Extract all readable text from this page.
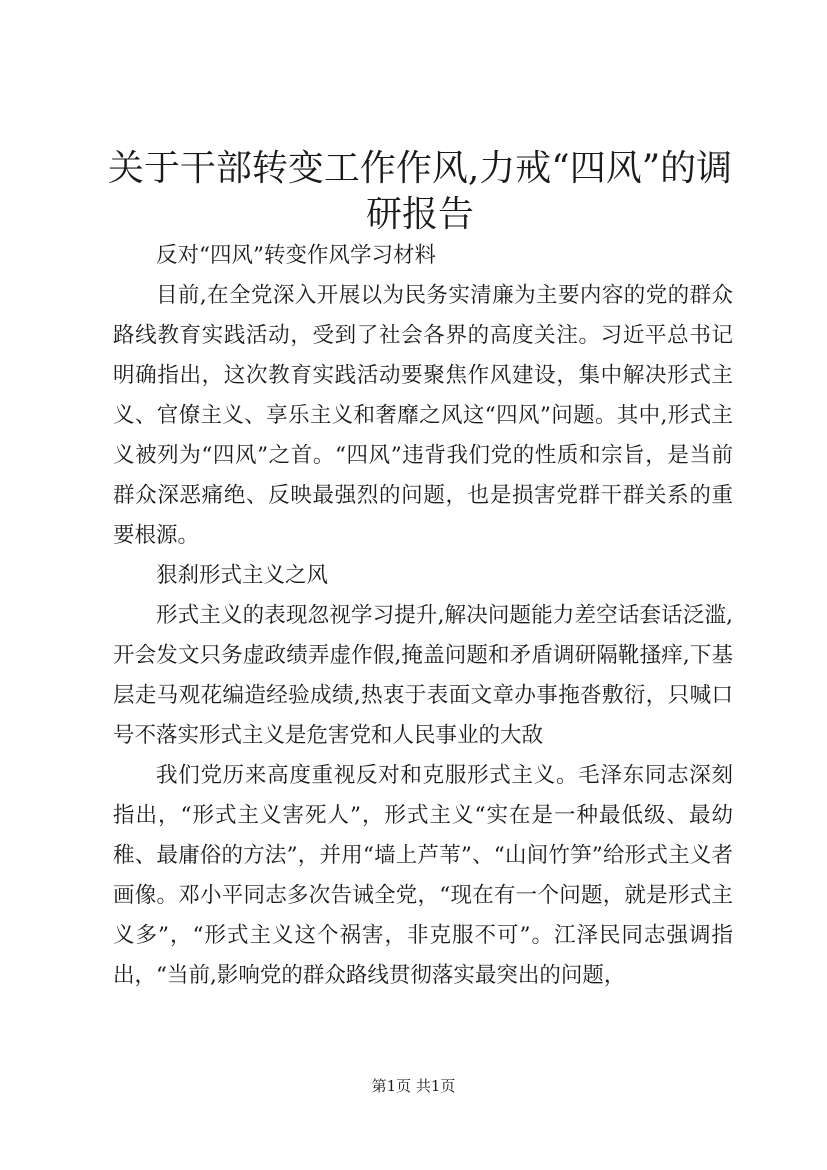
关于干部转变工作作风,力戒“四风”的调研报告

反对“四风”转变作风学习材料

目前,在全党深入开展以为民务实清廉为主要内容的党的群众路线教育实践活动，受到了社会各界的高度关注。习近平总书记明确指出，这次教育实践活动要聚焦作风建设，集中解决形式主义、官僚主义、享乐主义和奢靡之风这“四风”问题。其中,形式主义被列为“四风”之首。“四风”违背我们党的性质和宗旨，是当前群众深恶痛绝、反映最强烈的问题，也是损害党群干群关系的重要根源。

狠刹形式主义之风

形式主义的表现忽视学习提升,解决问题能力差空话套话泛滥,开会发文只务虚政绩弄虚作假,掩盖问题和矛盾调研隔靴搔痒,下基层走马观花编造经验成绩,热衷于表面文章办事拖沓敷衍，只喊口号不落实形式主义是危害党和人民事业的大敌

我们党历来高度重视反对和克服形式主义。毛泽东同志深刻指出，“形式主义害死人”，形式主义“实在是一种最低级、最幼稚、最庸俗的方法”，并用“墙上芦苇”、“山间竹笋”给形式主义者画像。邓小平同志多次告诫全党，“现在有一个问题，就是形式主义多”，“形式主义这个祸害，非克服不可”。江泽民同志强调指出，“当前,影响党的群众路线贯彻落实最突出的问题，

第1页 共1页
